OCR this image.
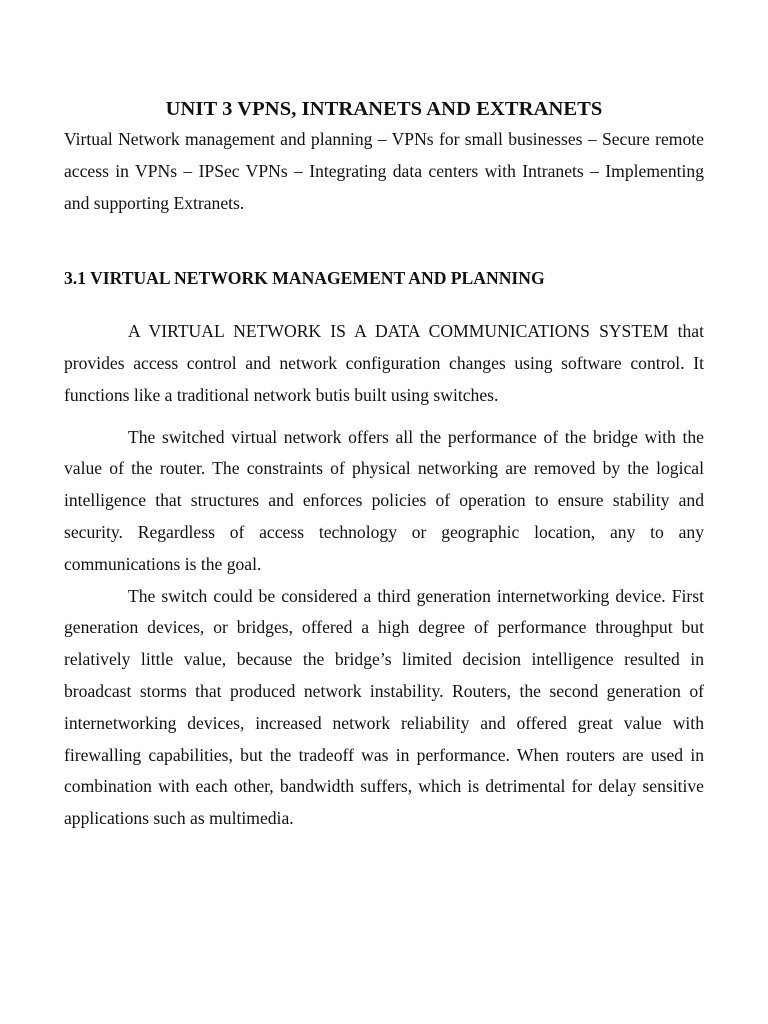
UNIT 3 VPNS, INTRANETS AND EXTRANETS

Virtual Network management and planning – VPNs for small businesses – Secure remote access in VPNs – IPSec VPNs – Integrating data centers with Intranets – Implementing and supporting Extranets.

3.1 VIRTUAL NETWORK MANAGEMENT AND PLANNING

A VIRTUAL NETWORK IS A DATA COMMUNICATIONS SYSTEM that provides access control and network configuration changes using software control. It functions like a traditional network butis built using switches.

The switched virtual network offers all the performance of the bridge with the value of the router. The constraints of physical networking are removed by the logical intelligence that structures and enforces policies of operation to ensure stability and security. Regardless of access technology or geographic location, any to any communications is the goal.

The switch could be considered a third generation internetworking device. First generation devices, or bridges, offered a high degree of performance throughput but relatively little value, because the bridge’s limited decision intelligence resulted in broadcast storms that produced network instability. Routers, the second generation of internetworking devices, increased network reliability and offered great value with firewalling capabilities, but the tradeoff was in performance. When routers are used in combination with each other, bandwidth suffers, which is detrimental for delay sensitive applications such as multimedia.
